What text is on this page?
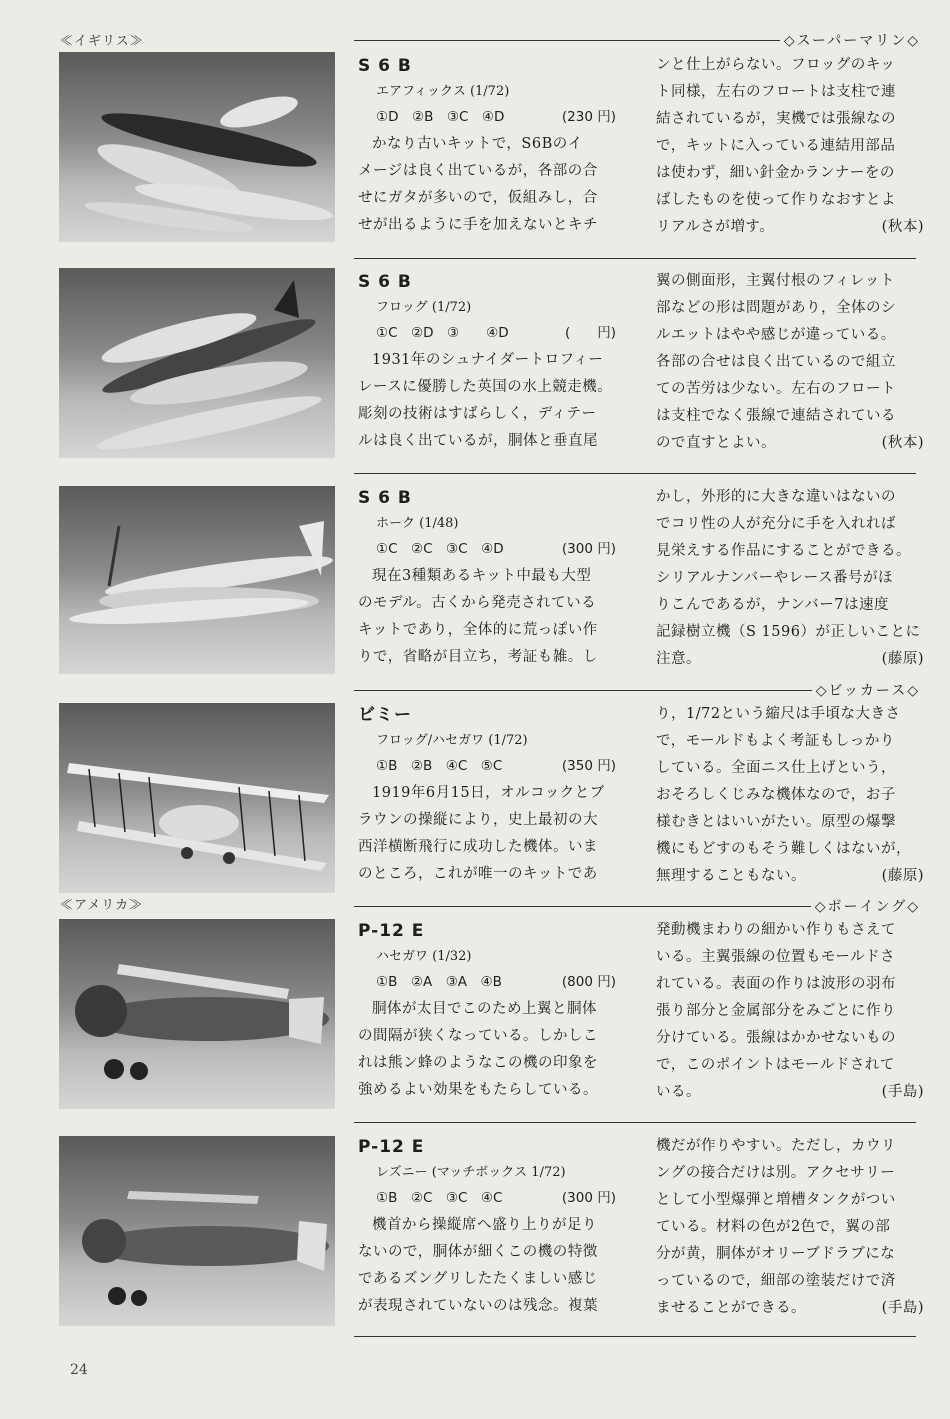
≪イギリス≫
≪アメリカ≫
◇スーパーマリン◇
◇ビッカース◇
◇ボーイング◇
S 6 B
エアフィックス (1/72)
①D　②B　③C　④D	(230 円)
かなり古いキットで，S6Bのイ
メージは良く出ているが，各部の合
せにガタが多いので，仮組みし，合
せが出るように手を加えないとキチ
ンと仕上がらない。フロッグのキッ
ト同様，左右のフロートは支柱で連
結されているが，実機では張線なの
で，キットに入っている連結用部品
は使わず，細い針金かランナーをの
ばしたものを使って作りなおすとよ
リアルさが増す。	(秋本)
S 6 B
フロッグ (1/72)
①C　②D　③　　④D	(　　円)
1931年のシュナイダートロフィー
レースに優勝した英国の水上競走機。
彫刻の技術はすばらしく，ディテー
ルは良く出ているが，胴体と垂直尾
翼の側面形，主翼付根のフィレット
部などの形は問題があり，全体のシ
ルエットはやや感じが違っている。
各部の合せは良く出ているので組立
ての苦労は少ない。左右のフロート
は支柱でなく張線で連結されている
ので直すとよい。	(秋本)
S 6 B
ホーク (1/48)
①C　②C　③C　④D	(300 円)
現在3種類あるキット中最も大型
のモデル。古くから発売されている
キットであり，全体的に荒っぽい作
りで，省略が目立ち，考証も雑。し
かし，外形的に大きな違いはないの
でコリ性の人が充分に手を入れれば
見栄えする作品にすることができる。
シリアルナンバーやレース番号がほ
りこんであるが，ナンバー7は速度
記録樹立機（S 1596）が正しいことに
注意。	(藤原)
ビミー
フロッグ/ハセガワ (1/72)
①B　②B　④C　⑤C	(350 円)
1919年6月15日，オルコックとブ
ラウンの操縦により，史上最初の大
西洋横断飛行に成功した機体。いま
のところ，これが唯一のキットであ
り，1/72という縮尺は手頃な大きさ
で，モールドもよく考証もしっかり
している。全面ニス仕上げという，
おそろしくじみな機体なので，お子
様むきとはいいがたい。原型の爆撃
機にもどすのもそう難しくはないが，
無理することもない。	(藤原)
P-12 E
ハセガワ (1/32)
①B　②A　③A　④B	(800 円)
胴体が太目でこのため上翼と胴体
の間隔が狭くなっている。しかしこ
れは熊ン蜂のようなこの機の印象を
強めるよい効果をもたらしている。
発動機まわりの細かい作りもさえて
いる。主翼張線の位置もモールドさ
れている。表面の作りは波形の羽布
張り部分と金属部分をみごとに作り
分けている。張線はかかせないもの
で，このポイントはモールドされて
いる。	(手島)
P-12 E
レズニー (マッチボックス 1/72)
①B　②C　③C　④C	(300 円)
機首から操縦席へ盛り上りが足り
ないので，胴体が細くこの機の特徴
であるズングリしたたくましい感じ
が表現されていないのは残念。複葉
機だが作りやすい。ただし，カウリ
ングの接合だけは別。アクセサリー
として小型爆弾と増槽タンクがつい
ている。材料の色が2色で，翼の部
分が黄，胴体がオリーブドラブにな
っているので，細部の塗装だけで済
ませることができる。	(手島)
24
